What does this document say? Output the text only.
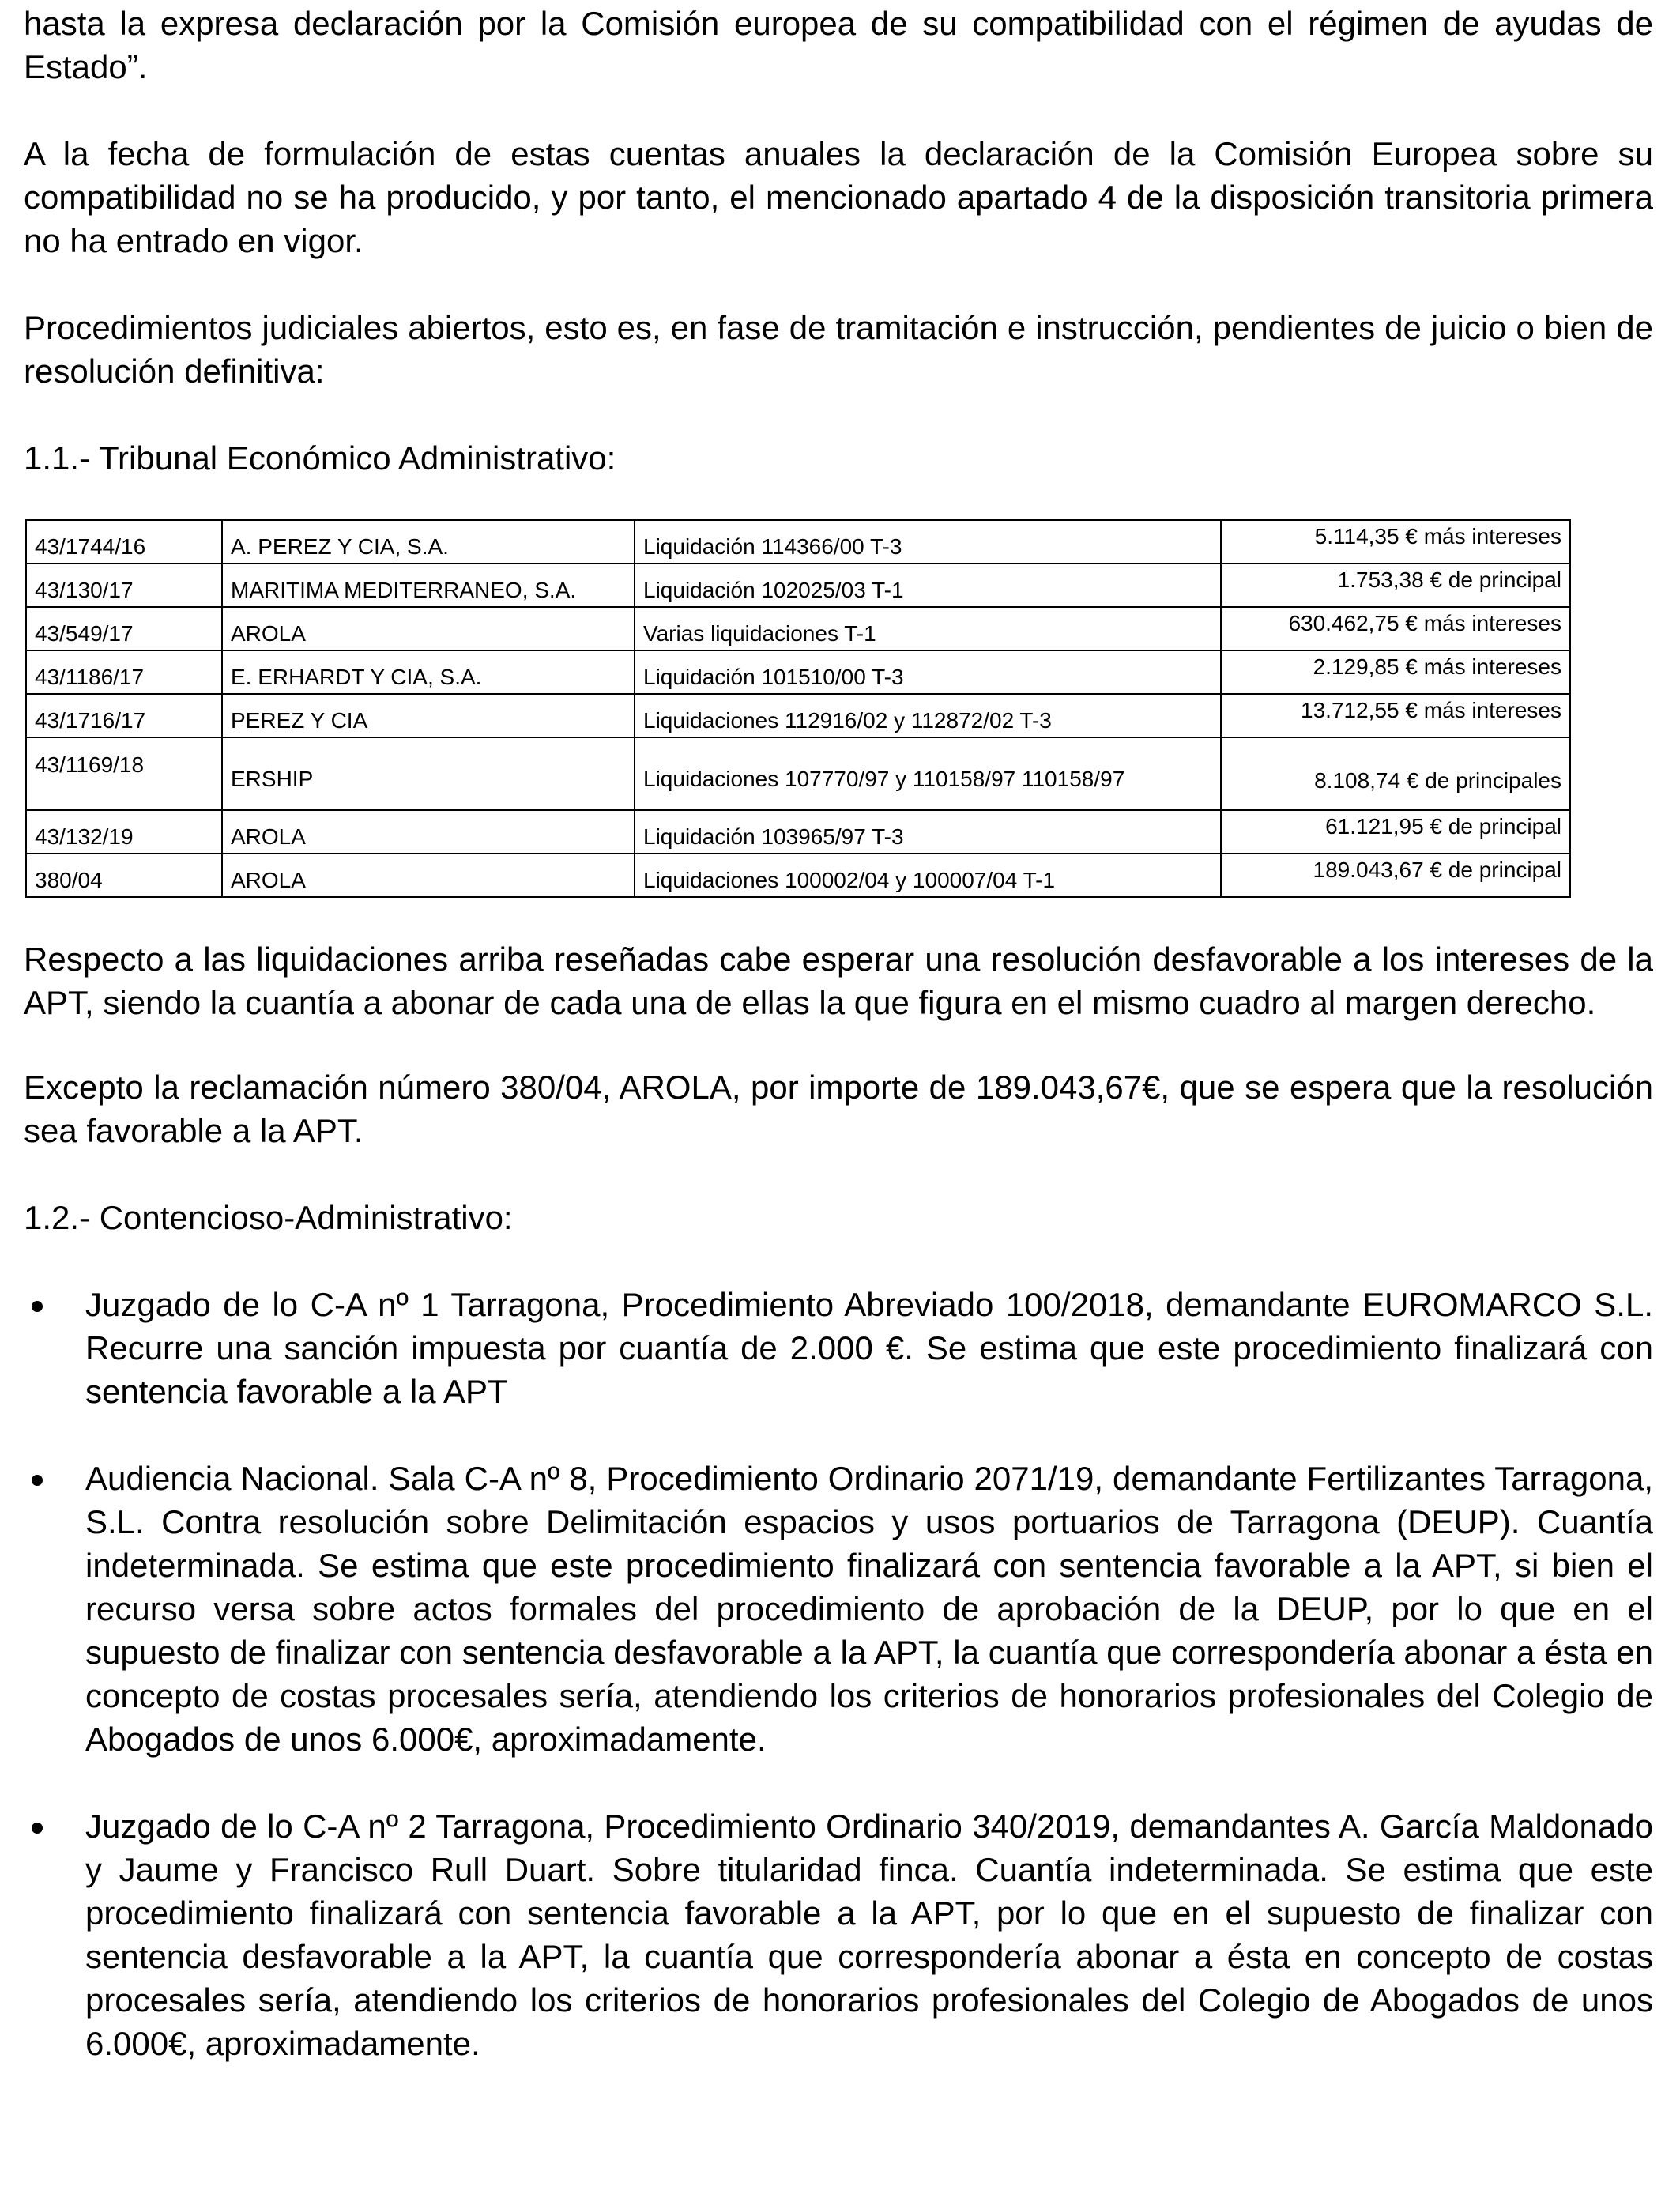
hasta la expresa declaración por la Comisión europea de su compatibilidad con el régimen de ayudas de Estado”.

A la fecha de formulación de estas cuentas anuales la declaración de la Comisión Europea sobre su compatibilidad no se ha producido, y por tanto, el mencionado apartado 4 de la disposición transitoria primera no ha entrado en vigor.

Procedimientos judiciales abiertos, esto es, en fase de tramitación e instrucción, pendientes de juicio o bien de resolución definitiva:

1.1.- Tribunal Económico Administrativo:

43/1744/16	A. PEREZ Y CIA, S.A.	Liquidación 114366/00 T-3	5.114,35 € más intereses

43/130/17	MARITIMA MEDITERRANEO, S.A.	Liquidación 102025/03 T-1	1.753,38 € de principal

43/549/17	AROLA	Varias liquidaciones T-1	630.462,75 € más intereses

43/1186/17	E. ERHARDT Y CIA, S.A.	Liquidación 101510/00 T-3	2.129,85 € más intereses

43/1716/17	PEREZ Y CIA	Liquidaciones 112916/02 y 112872/02 T-3	13.712,55 € más intereses

43/1169/18	ERSHIP	Liquidaciones 107770/97 y 110158/97 110158/97	8.108,74 € de principales

43/132/19	AROLA	Liquidación 103965/97 T-3	61.121,95 € de principal

380/04	AROLA	Liquidaciones 100002/04 y 100007/04 T-1	189.043,67 € de principal

Respecto a las liquidaciones arriba reseñadas cabe esperar una resolución desfavorable a los intereses de la APT, siendo la cuantía a abonar de cada una de ellas la que figura en el mismo cuadro al margen derecho.

Excepto la reclamación número 380/04, AROLA, por importe de 189.043,67€, que se espera que la resolución sea favorable a la APT.

1.2.- Contencioso-Administrativo:

Juzgado de lo C-A nº 1 Tarragona, Procedimiento Abreviado 100/2018, demandante EUROMARCO S.L. Recurre una sanción impuesta por cuantía de 2.000 €. Se estima que este procedimiento finalizará con sentencia favorable a la APT
Audiencia Nacional. Sala C-A nº 8, Procedimiento Ordinario 2071/19, demandante Fertilizantes Tarragona, S.L. Contra resolución sobre Delimitación espacios y usos portuarios de Tarragona (DEUP). Cuantía indeterminada. Se estima que este procedimiento finalizará con sentencia favorable a la APT, si bien el recurso versa sobre actos formales del procedimiento de aprobación de la DEUP, por lo que en el supuesto de finalizar con sentencia desfavorable a la APT, la cuantía que correspondería abonar a ésta en concepto de costas procesales sería, atendiendo los criterios de honorarios profesionales del Colegio de Abogados de unos 6.000€, aproximadamente.
Juzgado de lo C-A nº 2 Tarragona, Procedimiento Ordinario 340/2019, demandantes A. García Maldonado y Jaume y Francisco Rull Duart. Sobre titularidad finca. Cuantía indeterminada. Se estima que este procedimiento finalizará con sentencia favorable a la APT, por lo que en el supuesto de finalizar con sentencia desfavorable a la APT, la cuantía que correspondería abonar a ésta en concepto de costas procesales sería, atendiendo los criterios de honorarios profesionales del Colegio de Abogados de unos 6.000€, aproximadamente.
